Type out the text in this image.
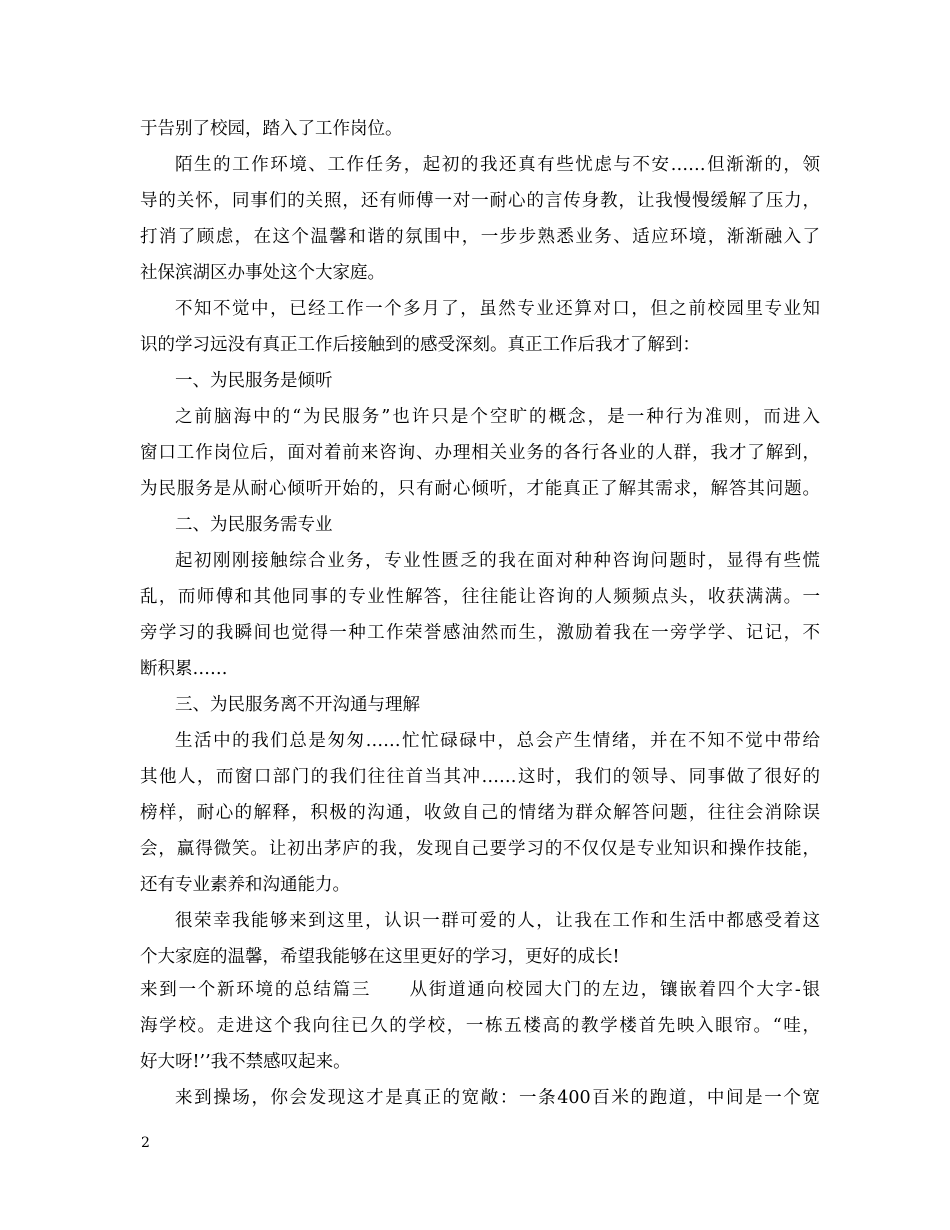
于告别了校园，踏入了工作岗位。
陌生的工作环境、工作任务，起初的我还真有些忧虑与不安……但渐渐的，领
导的关怀，同事们的关照，还有师傅一对一耐心的言传身教，让我慢慢缓解了压力，
打消了顾虑，在这个温馨和谐的氛围中，一步步熟悉业务、适应环境，渐渐融入了
社保滨湖区办事处这个大家庭。
不知不觉中，已经工作一个多月了，虽然专业还算对口，但之前校园里专业知
识的学习远没有真正工作后接触到的感受深刻。真正工作后我才了解到：
一、为民服务是倾听
之前脑海中的“为民服务”也许只是个空旷的概念，是一种行为准则，而进入
窗口工作岗位后，面对着前来咨询、办理相关业务的各行各业的人群，我才了解到，
为民服务是从耐心倾听开始的，只有耐心倾听，才能真正了解其需求，解答其问题。
二、为民服务需专业
起初刚刚接触综合业务，专业性匮乏的我在面对种种咨询问题时，显得有些慌
乱，而师傅和其他同事的专业性解答，往往能让咨询的人频频点头，收获满满。一
旁学习的我瞬间也觉得一种工作荣誉感油然而生，激励着我在一旁学学、记记，不
断积累……
三、为民服务离不开沟通与理解
生活中的我们总是匆匆……忙忙碌碌中，总会产生情绪，并在不知不觉中带给
其他人，而窗口部门的我们往往首当其冲……这时，我们的领导、同事做了很好的
榜样，耐心的解释，积极的沟通，收敛自己的情绪为群众解答问题，往往会消除误
会，赢得微笑。让初出茅庐的我，发现自己要学习的不仅仅是专业知识和操作技能，
还有专业素养和沟通能力。
很荣幸我能够来到这里，认识一群可爱的人，让我在工作和生活中都感受着这
个大家庭的温馨，希望我能够在这里更好的学习，更好的成长!
来到一个新环境的总结篇三　　从街道通向校园大门的左边，镶嵌着四个大字-银
海学校。走进这个我向往已久的学校，一栋五楼高的教学楼首先映入眼帘。“哇，
好大呀!’’我不禁感叹起来。
来到操场，你会发现这才是真正的宽敞：一条400百米的跑道，中间是一个宽
2
